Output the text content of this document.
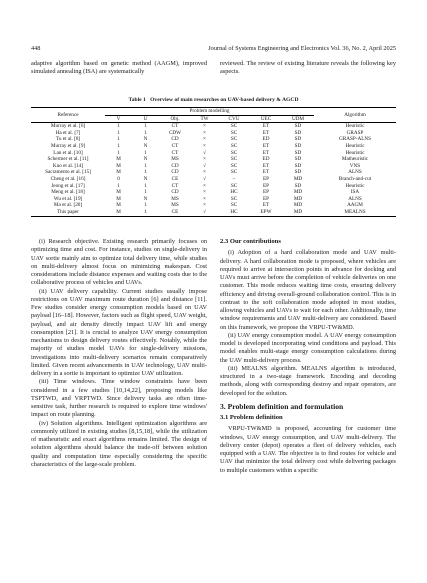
448	Journal of Systems Engineering and Electronics Vol. 36, No. 2, April 2025

adaptive algorithm based on genetic method (AAGM), improved simulated annealing (ISA) are systematically

reviewed. The review of existing literature reveals the following key aspects.

Table 1 Overview of main researches on UAV-based delivery & AGCD
Reference	Problem modelling							Algorithm
	V	U	Obj.	TW	CVU	UEC	UDM	
Murray et al. [6]	1	1	CT	×	SC	ET	SD	Heuristic
Ha et al. [7]	1	1	CDW	×	SC	ET	SD	GRASP
Tu et al. [8]	1	N	CD	×	SC	ED	SD	GRASP-ALNS
Murray et al. [9]	1	N	CT	×	SC	ET	SD	Heuristic
Lan et al. [10]	1	1	CT	√	SC	ET	SD	Heuristic
Schermer et al. [11]	M	N	MS	×	SC	ED	SD	Matheuristic
Kuo et al. [14]	M	1	CD	√	SC	ET	SD	VNS
Sacramento et al. [15]	M	1	CD	×	SC	ET	SD	ALNS
Cheng et al. [16]	0	N	CE	√	–	EP	MD	Branch-and-cut
Jeong et al. [17]	1	1	CT	×	SC	EP	SD	Heuristic
Meng et al. [18]	M	1	CD	×	HC	EP	MD	ISA
Wu et al. [19]	M	N	MS	×	SC	EP	MD	ALNS
Ma et al. [20]	M	1	MS	×	SC	ET	MD	AAGM
This paper	M	1	CE	√	HC	EPW	MD	MEALNS

(i) Research objective. Existing research primarily focuses on optimizing time and cost. For instance, studies on single-delivery in UAV sortie mainly aim to optimize total delivery time, while studies on multi-delivery almost focus on minimizing makespan. Cost considerations include distance expenses and waiting costs due to the collaborative process of vehicles and UAVs.

(ii) UAV delivery capability. Current studies usually impose restrictions on UAV maximum route duration [6] and distance [11]. Few studies consider energy consumption models based on UAV payload [16–18]. However, factors such as flight speed, UAV weight, payload, and air density directly impact UAV lift and energy consumption [21]. It is crucial to analyze UAV energy consumption mechanisms to design delivery routes effectively. Notably, while the majority of studies model UAVs for single-delivery missions, investigations into multi-delivery scenarios remain comparatively limited. Given recent advancements in UAV technology, UAV multi-delivery in a sortie is important to optimize UAV utilization.

(iii) Time windows. Time window constraints have been considered in a few studies [10,14,22], proposing models like TSPTWD, and VRPTWD. Since delivery tasks are often time-sensitive task, further research is required to explore time windows' impact on route planning.

(iv) Solution algorithms. Intelligent optimization algorithms are commonly utilized in existing studies [8,15,18], while the utilization of matheuristic and exact algorithms remains limited. The design of solution algorithms should balance the trade-off between solution quality and computation time especially considering the specific characteristics of the large-scale problem.

2.3 Our contributions

(i) Adoption of a hard collaboration mode and UAV multi-delivery. A hard collaboration mode is proposed, where vehicles are required to arrive at intersection points in advance for docking and UAVs must arrive before the completion of vehicle deliveries on one customer. This mode reduces waiting time costs, ensuring delivery efficiency and driving overall-ground collaboration control. This is in contrast to the soft collaboration mode adopted in most studies, allowing vehicles and UAVs to wait for each other. Additionally, time window requirements and UAV multi-delivery are considered. Based on this framework, we propose the VRPU-TW&MD.

(ii) UAV energy consumption model. A UAV energy consumption model is developed incorporating wind conditions and payload. This model enables multi-stage energy consumption calculations during the UAV multi-delivery process.

(iii) MEALNS algorithm. MEALNS algorithm is introduced, structured in a two-stage framework. Encoding and decoding methods, along with corresponding destroy and repair operators, are developed for the solution.

3. Problem definition and formulation
3.1 Problem definition

VRPU-TW&MD is proposed, accounting for customer time windows, UAV energy consumption, and UAV multi-delivery. The delivery center (depot) operates a fleet of delivery vehicles, each equipped with a UAV. The objective is to find routes for vehicle and UAV that minimize the total delivery cost while delivering packages to multiple customers within a specific
